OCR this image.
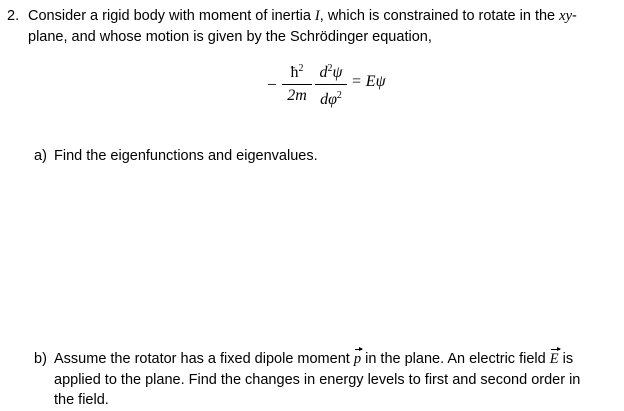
2. Consider a rigid body with moment of inertia I, which is constrained to rotate in the xy-
plane, and whose motion is given by the Schrödinger equation,
−
$ħ^2$
2m
$d^2\psi$
$d\varphi^2$
= Eψ
a) Find the eigenfunctions and eigenvalues.
b) Assume the rotator has a fixed dipole moment p in the plane. An electric field E is
applied to the plane. Find the changes in energy levels to first and second order in
the field.
